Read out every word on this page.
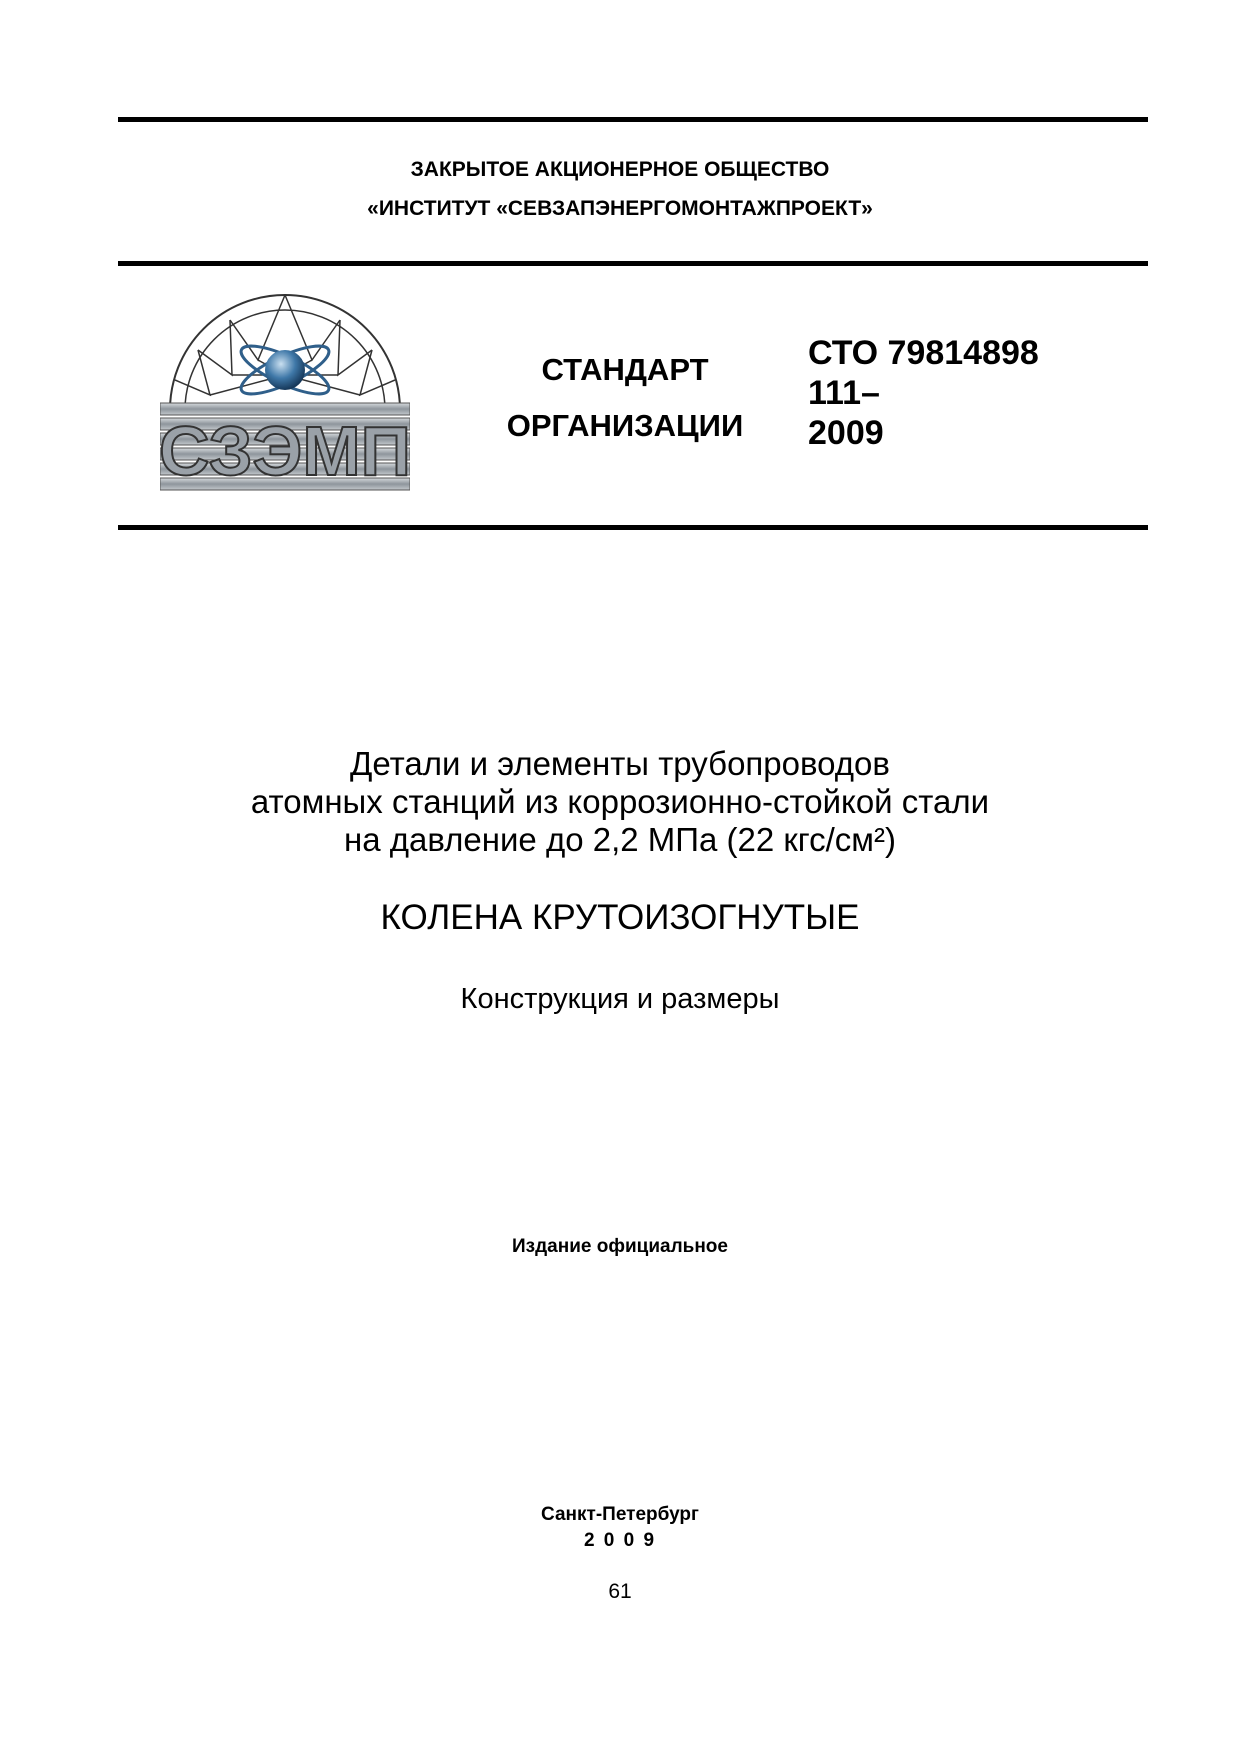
ЗАКРЫТОЕ АКЦИОНЕРНОЕ ОБЩЕСТВО
«ИНСТИТУТ «СЕВЗАПЭНЕРГОМОНТАЖПРОЕКТ»
СЗЭМП
СТАНДАРТ
ОРГАНИЗАЦИИ
СТО 79814898
111–
2009
Детали и элементы трубопроводов
атомных станций из коррозионно-стойкой стали
на давление до 2,2 МПа (22 кгс/см²)
КОЛЕНА КРУТОИЗОГНУТЫЕ
Конструкция и размеры
Издание официальное
Санкт-Петербург
2 0 0 9
61
